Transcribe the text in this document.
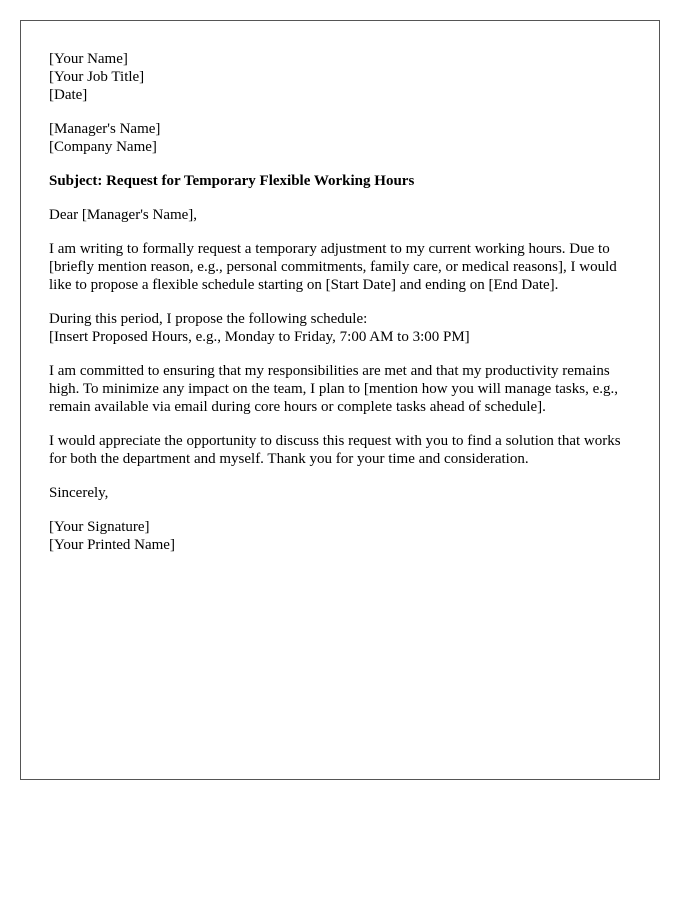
[Your Name]
[Your Job Title]
[Date]
[Manager's Name]
[Company Name]
Subject: Request for Temporary Flexible Working Hours
Dear [Manager's Name],
I am writing to formally request a temporary adjustment to my current working hours. Due to [briefly mention reason, e.g., personal commitments, family care, or medical reasons], I would like to propose a flexible schedule starting on [Start Date] and ending on [End Date].
During this period, I propose the following schedule:
[Insert Proposed Hours, e.g., Monday to Friday, 7:00 AM to 3:00 PM]
I am committed to ensuring that my responsibilities are met and that my productivity remains high. To minimize any impact on the team, I plan to [mention how you will manage tasks, e.g., remain available via email during core hours or complete tasks ahead of schedule].
I would appreciate the opportunity to discuss this request with you to find a solution that works for both the department and myself. Thank you for your time and consideration.
Sincerely,
[Your Signature]
[Your Printed Name]
